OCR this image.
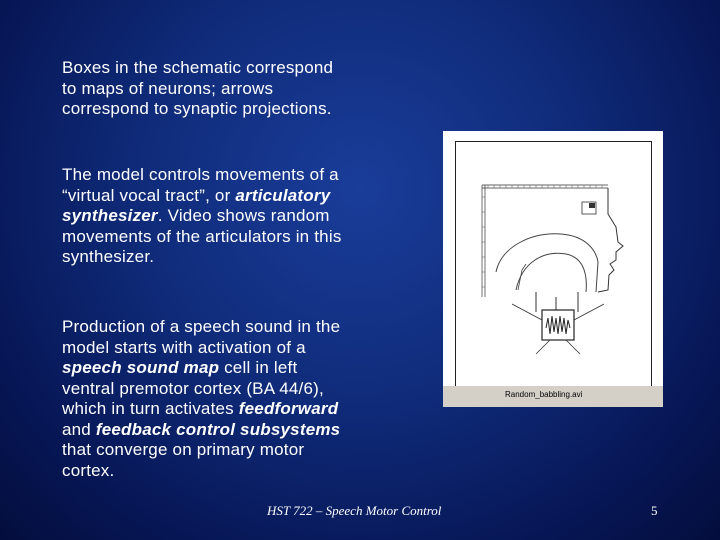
Boxes in the schematic correspond
to maps of neurons; arrows
correspond to synaptic projections.

The model controls movements of a
“virtual vocal tract”, or articulatory
synthesizer. Video shows random
movements of the articulators in this
synthesizer.

Production of a speech sound in the
model starts with activation of a
speech sound map cell in left
ventral premotor cortex (BA 44/6),
which in turn activates feedforward
and feedback control subsystems
that converge on primary motor
cortex.

Random_babbling.avi
HST 722 – Speech Motor Control	5
